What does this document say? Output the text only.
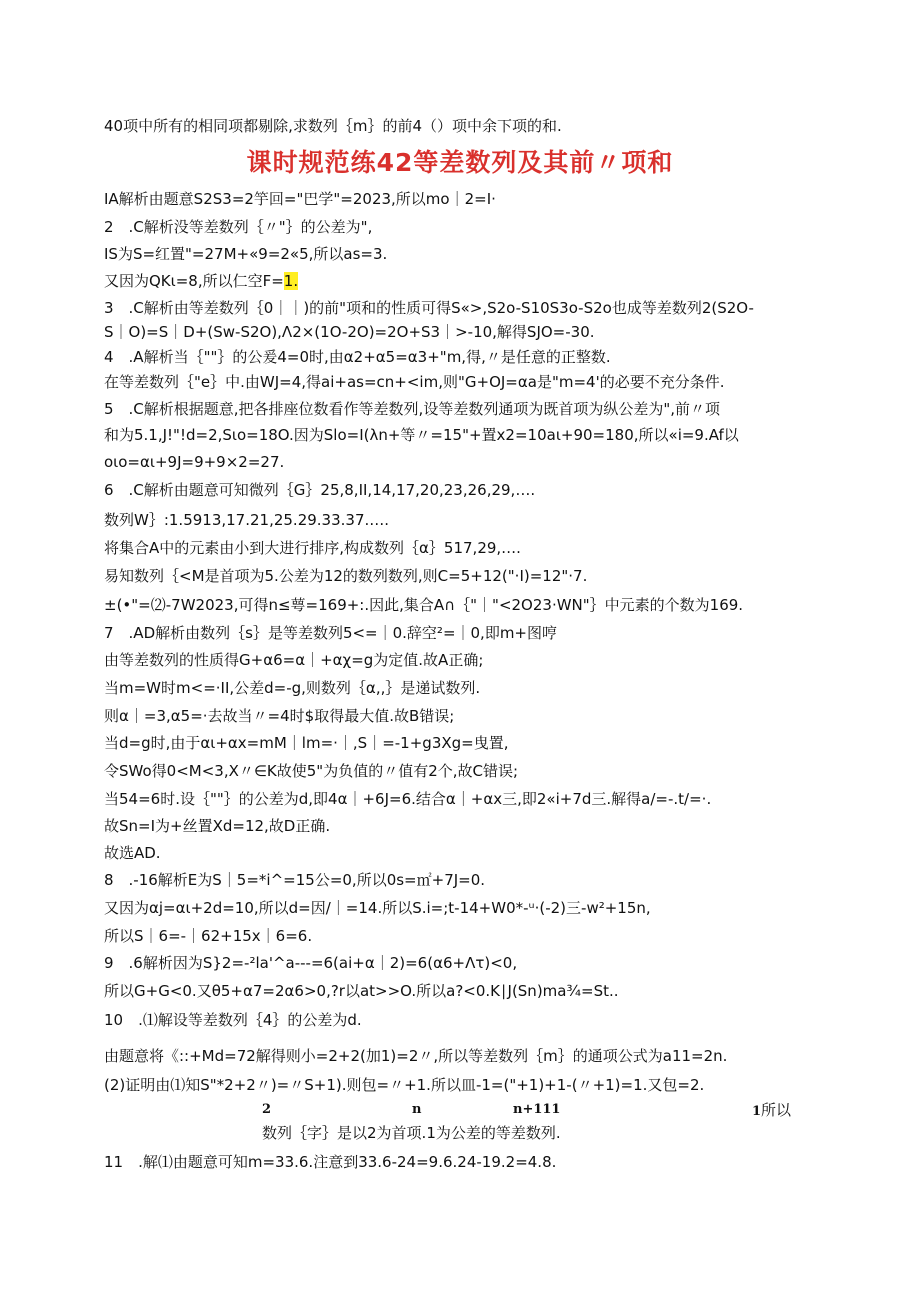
40项中所有的相同项都剔除,求数列｛m｝的前4（）项中余下项的和.
课时规范练42等差数列及其前〃项和
IA解析由题意S2S3=2竽回="巴学"=2023,所以mo｜2=I·
2　.C解析没等差数列｛〃"｝的公差为",
IS为S=红置"=27M+«9=2«5,所以as=3.
又因为QKι=8,所以仁空F=1.
3　.C解析由等差数列｛0｜｜)的前"项和的性质可得S«>,S2o-S10S3o-S2o也成等差数列2(S2O-
S｜O)=S｜D+(Sw-S2O),Λ2×(1O-2O)=2O+S3｜>-10,解得SJO=-30.
4　.A解析当｛""｝的公爰4=0时,由α2+α5=α3+"m,得,〃是任意的正整数.
在等差数列｛"e｝中.由WJ=4,得ai+as=cn+<im,则"G+OJ=αa是"m=4'的必要不充分条件.
5　.C解析根据题意,把各排座位数看作等差数列,设等差数列通项为既首项为纵公差为",前〃项
和为5.1,J!"!d=2,Sιo=18O.因为Slo=I(λn+等〃=15"+置x2=10aι+90=180,所以«i=9.Af以
oιo=αι+9J=9+9×2=27.
6　.C解析由题意可知微列｛G｝25,8,II,14,17,20,23,26,29,….
数列W｝:1.5913,17.21,25.29.33.37.….
将集合A中的元素由小到大进行排序,构成数列｛α｝517,29,….
易知数列｛<M是首项为5.公差为12的数列数列,则C=5+12("·I)=12"·7.
±(•"=⑵-7W2023,可得n≤萼=169+:.因此,集合A∩｛"｜"<2O23·WN"｝中元素的个数为169.
7　.AD解析由数列｛s｝是等差数列5<=｜0.辞空²=｜0,即m+图哼
由等差数列的性质得G+α6=α｜+αχ=g为定值.故A正确;
当m=W时m<=·II,公差d=-g,则数列｛α,,｝是递试数列.
则α｜=3,α5=·去故当〃=4时$取得最大值.故B错误;
当d=g时,由于αι+αx=mM｜lm=·｜,S｜=-1+g3Xg=曳置,
令SWo得0<M<3,X〃∈K故使5"为负值的〃值有2个,故C错误;
当54=6时.设｛""｝的公差为d,即4α｜+6J=6.结合α｜+αx三,即2«i+7d三.解得a/=-.t∕=·.
故Sn=I为+丝置Xd=12,故D正确.
故选AD.
8　.-16解析E为S｜5=*i^=15公=0,所以0s=㎡+7J=0.
又因为αj=αι+2d=10,所以d=因/｜=14.所以S.i=;t-14+W0*-ᵘ·(-2)三-w²+15n,
所以S｜6=-｜62+15x｜6=6.
9　.6解析因为S}2=-²la'^a---=6(ai+α｜2)=6(α6+Λτ)<0,
所以G+G<0.又θ5+α7=2α6>0,?r以at>>O.所以a?<0.K∣J(Sn)ma¾=St..
10　.⑴解设等差数列｛4｝的公差为d.
由题意将《::+Md=72解得则小=2+2(加1)=2〃,所以等差数列｛m｝的通项公式为a11=2n.
(2)证明由⑴知S"*2+2〃)=〃S+1).则包=〃+1.所以皿-1=("+1)+1-(〃+1)=1.又包=2.
2	n	n+111	1所以
数列｛字｝是以2为首项.1为公差的等差数列.
11　.解⑴由题意可知m=33.6.注意到33.6-24=9.6.24-19.2=4.8.
